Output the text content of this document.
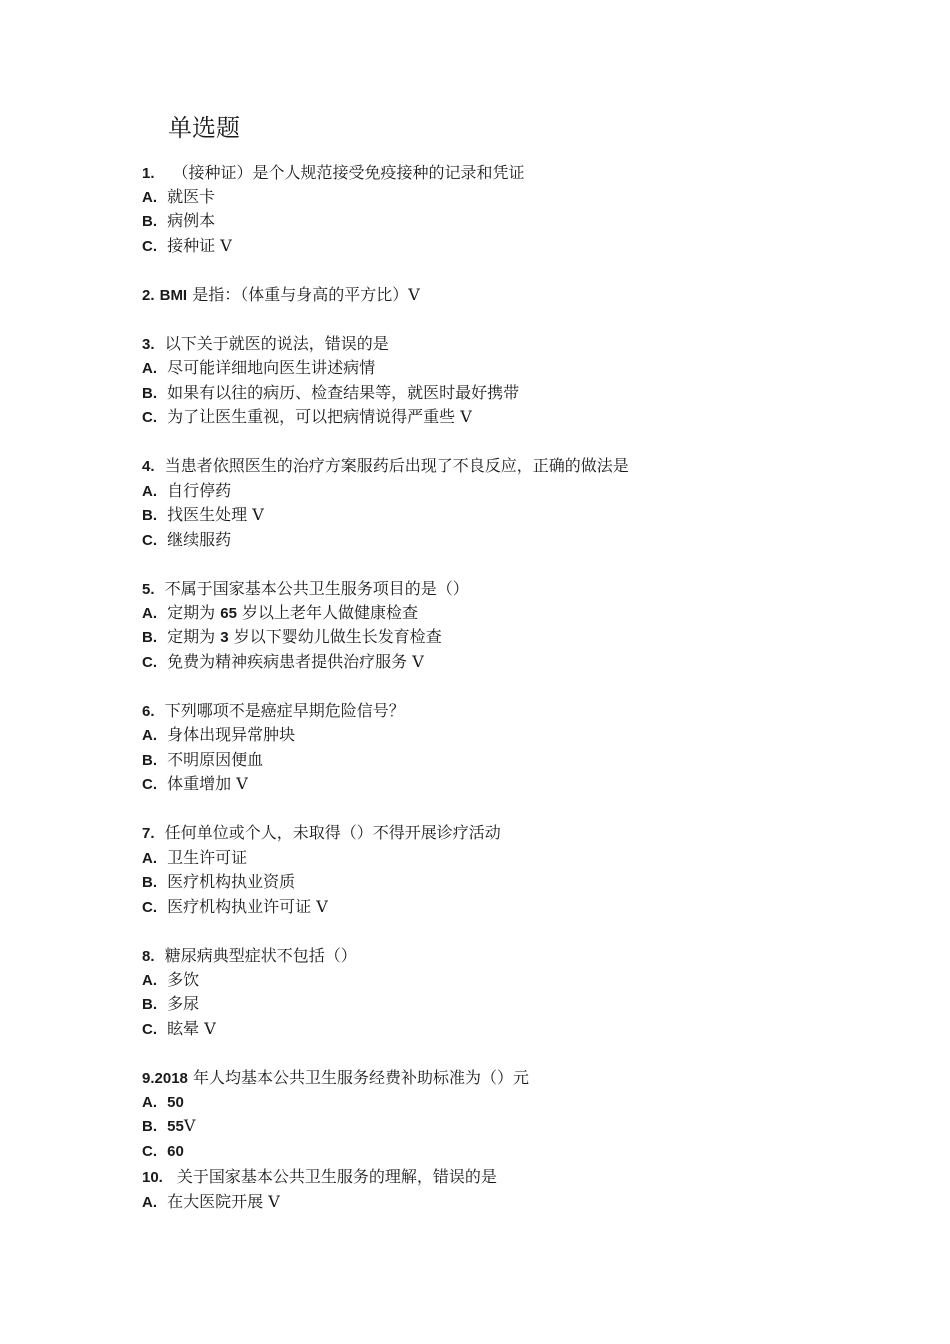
单选题
1. （接种证）是个人规范接受免疫接种的记录和凭证
A. 就医卡
B. 病例本
C. 接种证 V
2. BMI 是指：（体重与身高的平方比）V
3. 以下关于就医的说法，错误的是
A. 尽可能详细地向医生讲述病情
B. 如果有以往的病历、检查结果等，就医时最好携带
C. 为了让医生重视，可以把病情说得严重些 V
4. 当患者依照医生的治疗方案服药后出现了不良反应，正确的做法是
A. 自行停药
B. 找医生处理 V
C. 继续服药
5. 不属于国家基本公共卫生服务项目的是（）
A. 定期为 65 岁以上老年人做健康检查
B. 定期为 3 岁以下婴幼儿做生长发育检查
C. 免费为精神疾病患者提供治疗服务 V
6. 下列哪项不是癌症早期危险信号？
A. 身体出现异常肿块
B. 不明原因便血
C. 体重增加 V
7. 任何单位或个人，未取得（）不得开展诊疗活动
A. 卫生许可证
B. 医疗机构执业资质
C. 医疗机构执业许可证 V
8. 糖尿病典型症状不包括（）
A. 多饮
B. 多尿
C. 眩晕 V
9.2018 年人均基本公共卫生服务经费补助标准为（）元
A. 50
B. 55V
C. 60
10. 关于国家基本公共卫生服务的理解，错误的是
A. 在大医院开展 V
